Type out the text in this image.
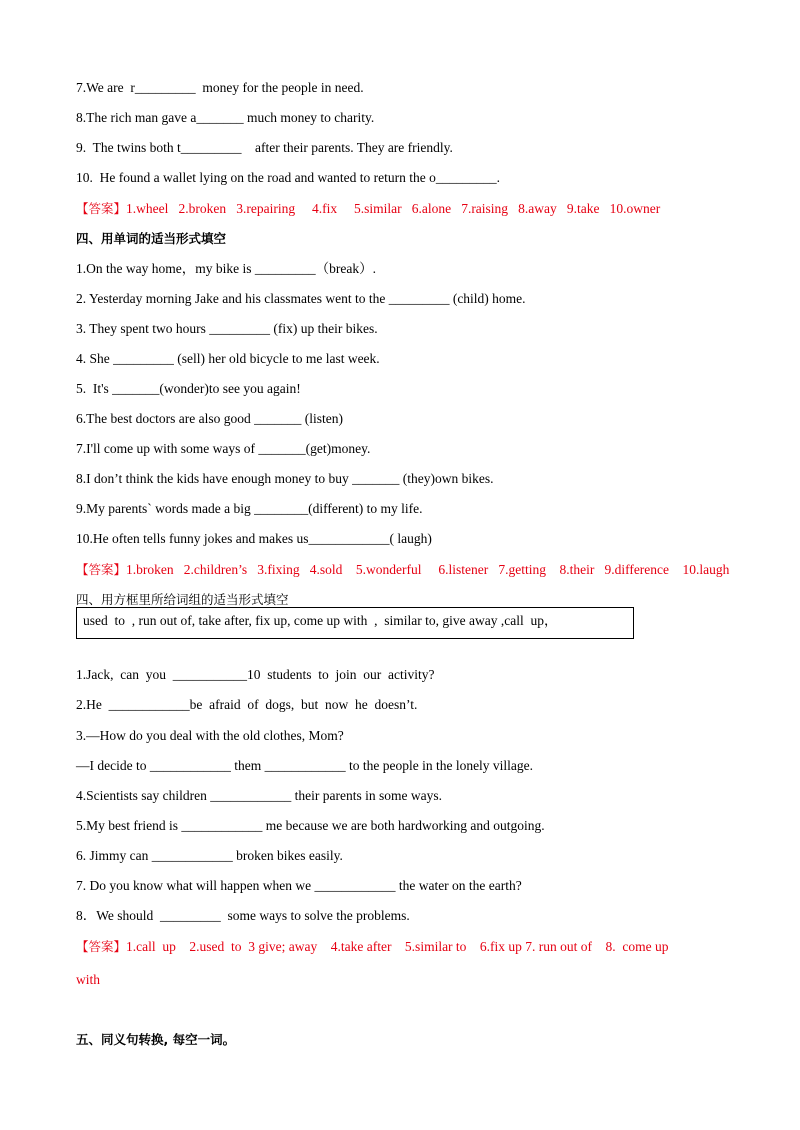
7.We are  r_________  money for the people in need.
8.The rich man gave a_______ much money to charity.
9.  The twins both t_________    after their parents. They are friendly.
10.  He found a wallet lying on the road and wanted to return the o_________.
【答案】1.wheel   2.broken   3.repairing     4.fix     5.similar   6.alone   7.raising   8.away   9.take   10.owner
四、用单词的适当形式填空
1.On the way home，my bike is _________（break）.
2. Yesterday morning Jake and his classmates went to the _________ (child) home.
3. They spent two hours _________ (fix) up their bikes.
4. She _________ (sell) her old bicycle to me last week.
5.  It's _______(wonder)to see you again!
6.The best doctors are also good _______ (listen)
7.I'll come up with some ways of _______(get)money.
8.I don’t think the kids have enough money to buy _______ (they)own bikes.
9.My parents` words made a big ________(different) to my life.
10.He often tells funny jokes and makes us____________( laugh)
【答案】1.broken   2.children’s   3.fixing   4.sold    5.wonderful     6.listener   7.getting    8.their   9.difference    10.laugh
四、用方框里所给词组的适当形式填空
used  to  , run out of, take after, fix up, come up with  ,  similar to, give away ,call  up，
1.Jack,  can  you  ___________10  students  to  join  our  activity?
2.He  ____________be  afraid  of  dogs,  but  now  he  doesn’t.
3.—How do you deal with the old clothes, Mom?
—I decide to ____________ them ____________ to the people in the lonely village.
4.Scientists say children ____________ their parents in some ways.
5.My best friend is ____________ me because we are both hardworking and outgoing.
6. Jimmy can ____________ broken bikes easily.
7. Do you know what will happen when we ____________ the water on the earth?
8．We should  _________  some ways to solve the problems.
【答案】1.call  up    2.used  to  3 give; away    4.take after    5.similar to    6.fix up 7. run out of    8.  come up
with
五、同义句转换, 每空一词。
